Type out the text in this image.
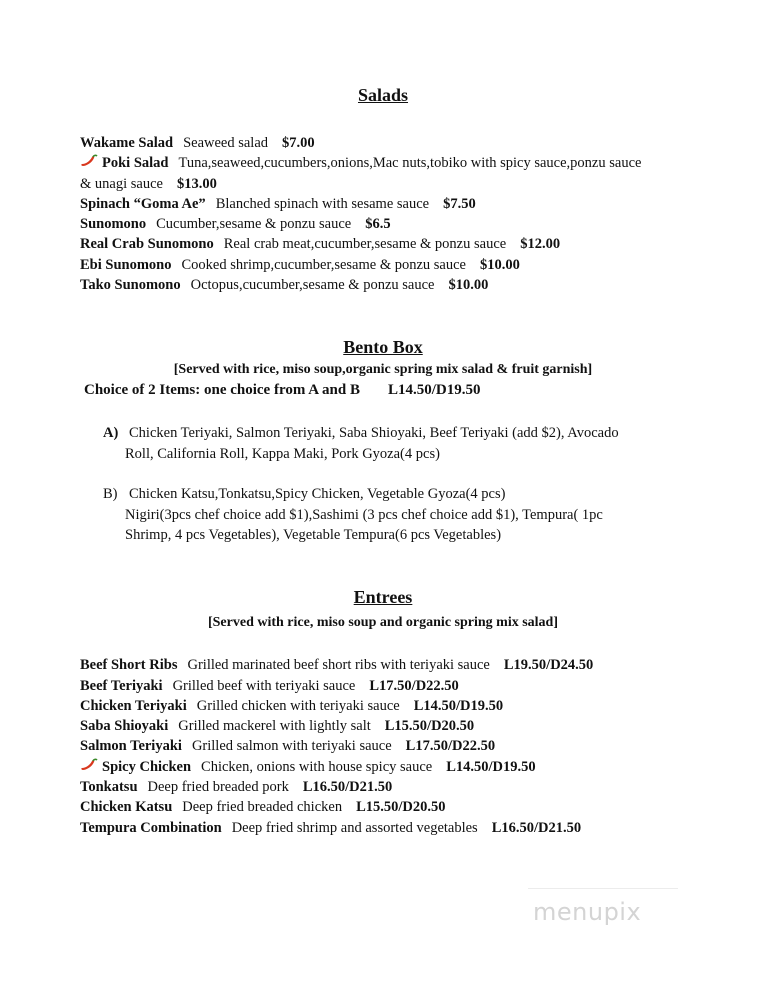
Salads
Wakame Salad Seaweed salad $7.00
Poki Salad Tuna,seaweed,cucumbers,onions,Mac nuts,tobiko with spicy sauce,ponzu sauce
& unagi sauce $13.00
Spinach “Goma Ae” Blanched spinach with sesame sauce $7.50
Sunomono Cucumber,sesame & ponzu sauce $6.5
Real Crab Sunomono Real crab meat,cucumber,sesame & ponzu sauce $12.00
Ebi Sunomono Cooked shrimp,cucumber,sesame & ponzu sauce $10.00
Tako Sunomono Octopus,cucumber,sesame & ponzu sauce $10.00
Bento Box
[Served with rice, miso soup,organic spring mix salad & fruit garnish]
Choice of 2 Items: one choice from A and B L14.50/D19.50
A) Chicken Teriyaki, Salmon Teriyaki, Saba Shioyaki, Beef Teriyaki (add $2), Avocado
Roll, California Roll, Kappa Maki, Pork Gyoza(4 pcs)
B) Chicken Katsu,Tonkatsu,Spicy Chicken, Vegetable Gyoza(4 pcs)
Nigiri(3pcs chef choice add $1),Sashimi (3 pcs chef choice add $1), Tempura( 1pc
Shrimp, 4 pcs Vegetables), Vegetable Tempura(6 pcs Vegetables)
Entrees
[Served with rice, miso soup and organic spring mix salad]
Beef Short Ribs Grilled marinated beef short ribs with teriyaki sauce L19.50/D24.50
Beef Teriyaki Grilled beef with teriyaki sauce L17.50/D22.50
Chicken Teriyaki Grilled chicken with teriyaki sauce L14.50/D19.50
Saba Shioyaki Grilled mackerel with lightly salt L15.50/D20.50
Salmon Teriyaki Grilled salmon with teriyaki sauce L17.50/D22.50
Spicy Chicken Chicken, onions with house spicy sauce L14.50/D19.50
Tonkatsu Deep fried breaded pork L16.50/D21.50
Chicken Katsu Deep fried breaded chicken L15.50/D20.50
Tempura Combination Deep fried shrimp and assorted vegetables L16.50/D21.50
menupix
